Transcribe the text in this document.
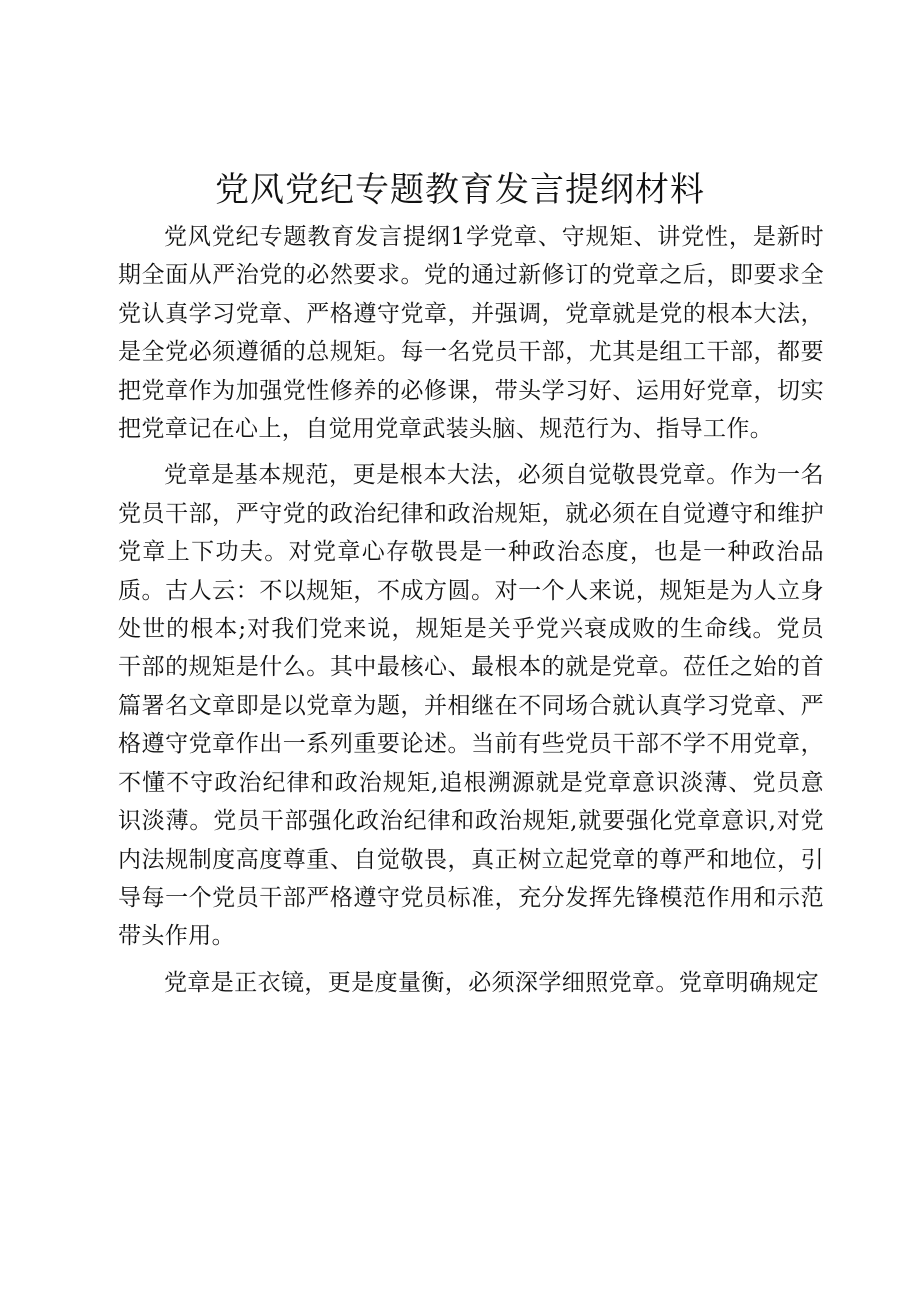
党风党纪专题教育发言提纲材料

党风党纪专题教育发言提纲1学党章、守规矩、讲党性，是新时期全面从严治党的必然要求。党的通过新修订的党章之后，即要求全党认真学习党章、严格遵守党章，并强调，党章就是党的根本大法，是全党必须遵循的总规矩。每一名党员干部，尤其是组工干部，都要把党章作为加强党性修养的必修课，带头学习好、运用好党章，切实把党章记在心上，自觉用党章武装头脑、规范行为、指导工作。

党章是基本规范，更是根本大法，必须自觉敬畏党章。作为一名党员干部，严守党的政治纪律和政治规矩，就必须在自觉遵守和维护党章上下功夫。对党章心存敬畏是一种政治态度，也是一种政治品质。古人云：不以规矩，不成方圆。对一个人来说，规矩是为人立身处世的根本;对我们党来说，规矩是关乎党兴衰成败的生命线。党员干部的规矩是什么。其中最核心、最根本的就是党章。莅任之始的首篇署名文章即是以党章为题，并相继在不同场合就认真学习党章、严格遵守党章作出一系列重要论述。当前有些党员干部不学不用党章，不懂不守政治纪律和政治规矩,追根溯源就是党章意识淡薄、党员意识淡薄。党员干部强化政治纪律和政治规矩,就要强化党章意识,对党内法规制度高度尊重、自觉敬畏，真正树立起党章的尊严和地位，引导每一个党员干部严格遵守党员标准，充分发挥先锋模范作用和示范带头作用。

党章是正衣镜，更是度量衡，必须深学细照党章。党章明确规定
